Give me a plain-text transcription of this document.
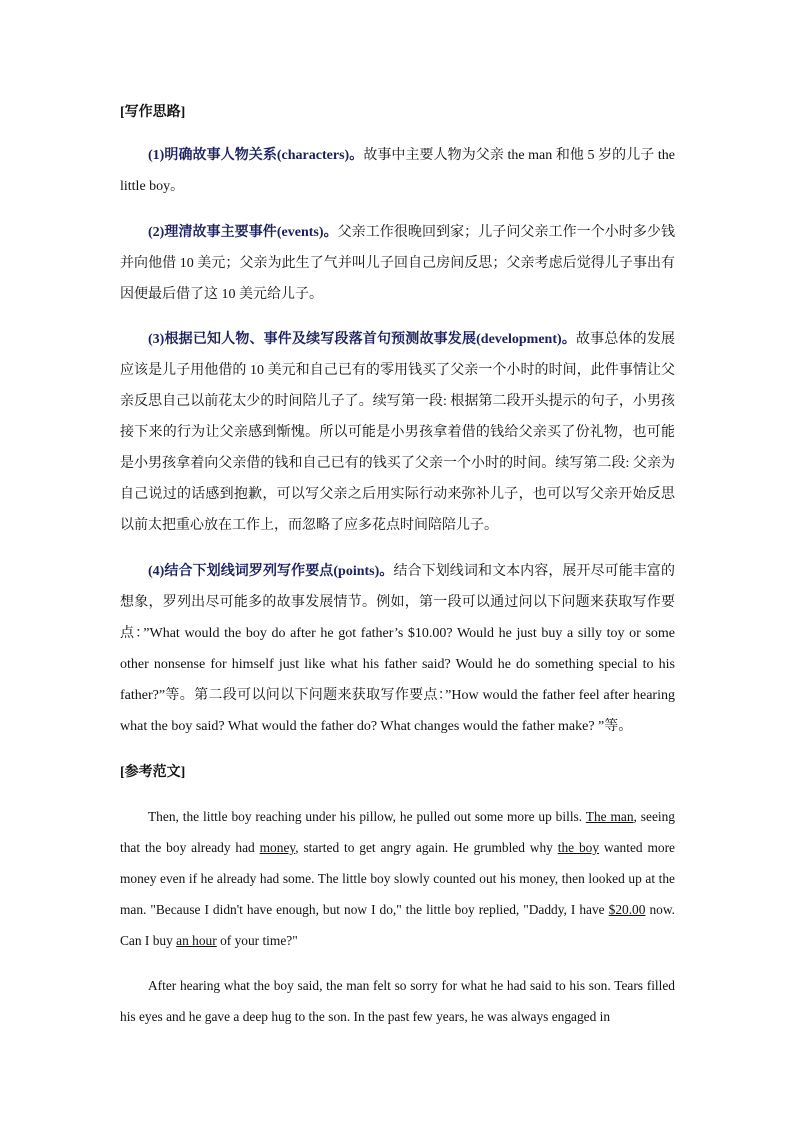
[写作思路]
(1)明确故事人物关系(characters)。故事中主要人物为父亲 the man 和他 5 岁的儿子 the little boy。
(2)理清故事主要事件(events)。父亲工作很晚回到家；儿子问父亲工作一个小时多少钱并向他借 10 美元；父亲为此生了气并叫儿子回自己房间反思；父亲考虑后觉得儿子事出有因便最后借了这 10 美元给儿子。
(3)根据已知人物、事件及续写段落首句预测故事发展(development)。故事总体的发展应该是儿子用他借的 10 美元和自己已有的零用钱买了父亲一个小时的时间，此件事情让父亲反思自己以前花太少的时间陪儿子了。续写第一段: 根据第二段开头提示的句子，小男孩接下来的行为让父亲感到惭愧。所以可能是小男孩拿着借的钱给父亲买了份礼物，也可能是小男孩拿着向父亲借的钱和自己已有的钱买了父亲一个小时的时间。续写第二段: 父亲为自己说过的话感到抱歉，可以写父亲之后用实际行动来弥补儿子，也可以写父亲开始反思以前太把重心放在工作上，而忽略了应多花点时间陪陪儿子。
(4)结合下划线词罗列写作要点(points)。结合下划线词和文本内容，展开尽可能丰富的想象，罗列出尽可能多的故事发展情节。例如，第一段可以通过问以下问题来获取写作要点：”What would the boy do after he got father’s $10.00? Would he just buy a silly toy or some other nonsense for himself just like what his father said? Would he do something special to his father?”等。第二段可以问以下问题来获取写作要点：”How would the father feel after hearing what the boy said? What would the father do? What changes would the father make? ”等。
[参考范文]
Then, the little boy reaching under his pillow, he pulled out some more up bills. The man, seeing that the boy already had money, started to get angry again. He grumbled why the boy wanted more money even if he already had some. The little boy slowly counted out his money, then looked up at the man. "Because I didn't have enough, but now I do," the little boy replied, "Daddy, I have $20.00 now. Can I buy an hour of your time?"
After hearing what the boy said, the man felt so sorry for what he had said to his son. Tears filled his eyes and he gave a deep hug to the son. In the past few years, he was always engaged in
